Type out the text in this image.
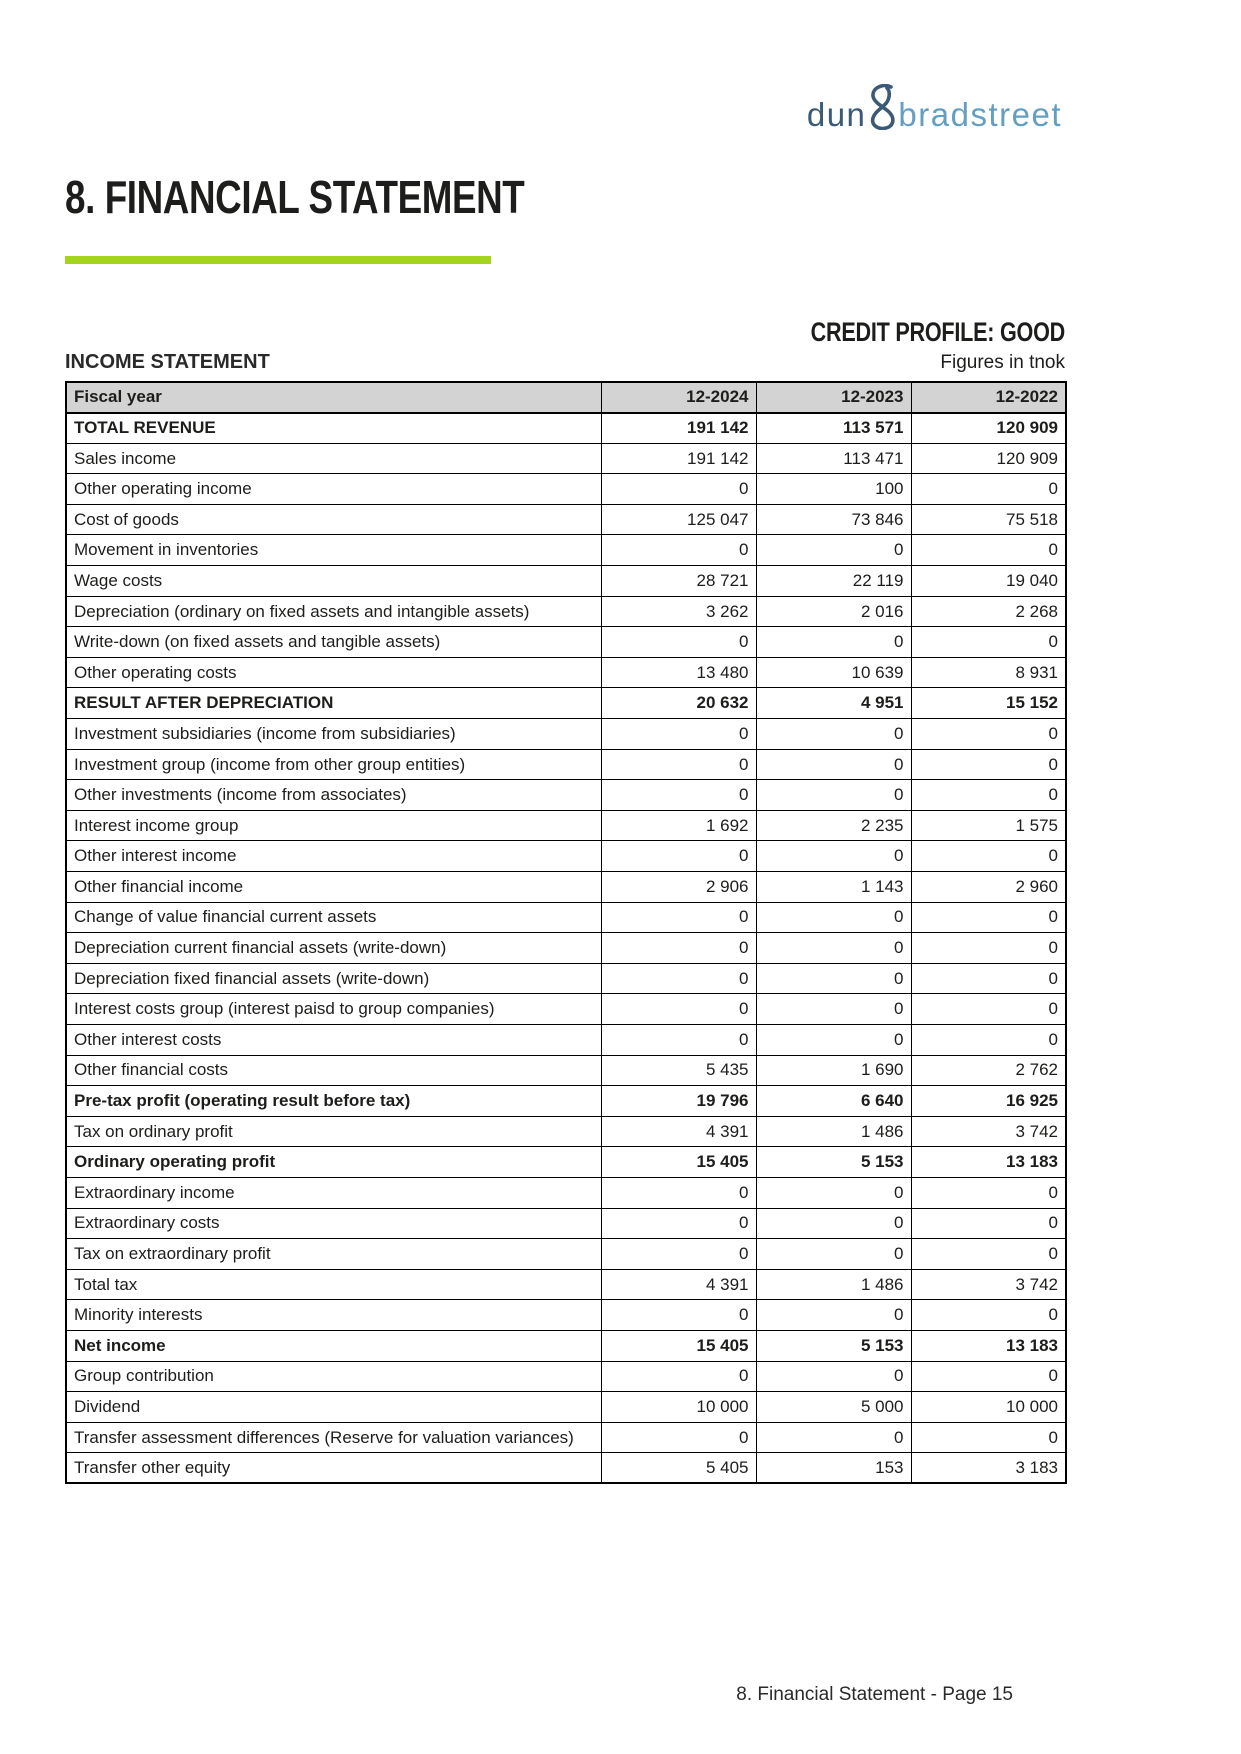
dun bradstreet
8. FINANCIAL STATEMENT
CREDIT PROFILE: GOOD
INCOME STATEMENT	Figures in tnok
Fiscal year	12-2024	12-2023	12-2022
TOTAL REVENUE	191 142	113 571	120 909
Sales income	191 142	113 471	120 909
Other operating income	0	100	0
Cost of goods	125 047	73 846	75 518
Movement in inventories	0	0	0
Wage costs	28 721	22 119	19 040
Depreciation (ordinary on fixed assets and intangible assets)	3 262	2 016	2 268
Write-down (on fixed assets and tangible assets)	0	0	0
Other operating costs	13 480	10 639	8 931
RESULT AFTER DEPRECIATION	20 632	4 951	15 152
Investment subsidiaries (income from subsidiaries)	0	0	0
Investment group (income from other group entities)	0	0	0
Other investments (income from associates)	0	0	0
Interest income group	1 692	2 235	1 575
Other interest income	0	0	0
Other financial income	2 906	1 143	2 960
Change of value financial current assets	0	0	0
Depreciation current financial assets (write-down)	0	0	0
Depreciation fixed financial assets (write-down)	0	0	0
Interest costs group (interest paisd to group companies)	0	0	0
Other interest costs	0	0	0
Other financial costs	5 435	1 690	2 762
Pre-tax profit (operating result before tax)	19 796	6 640	16 925
Tax on ordinary profit	4 391	1 486	3 742
Ordinary operating profit	15 405	5 153	13 183
Extraordinary income	0	0	0
Extraordinary costs	0	0	0
Tax on extraordinary profit	0	0	0
Total tax	4 391	1 486	3 742
Minority interests	0	0	0
Net income	15 405	5 153	13 183
Group contribution	0	0	0
Dividend	10 000	5 000	10 000
Transfer assessment differences (Reserve for valuation variances)	0	0	0
Transfer other equity	5 405	153	3 183
8. Financial Statement - Page 15
